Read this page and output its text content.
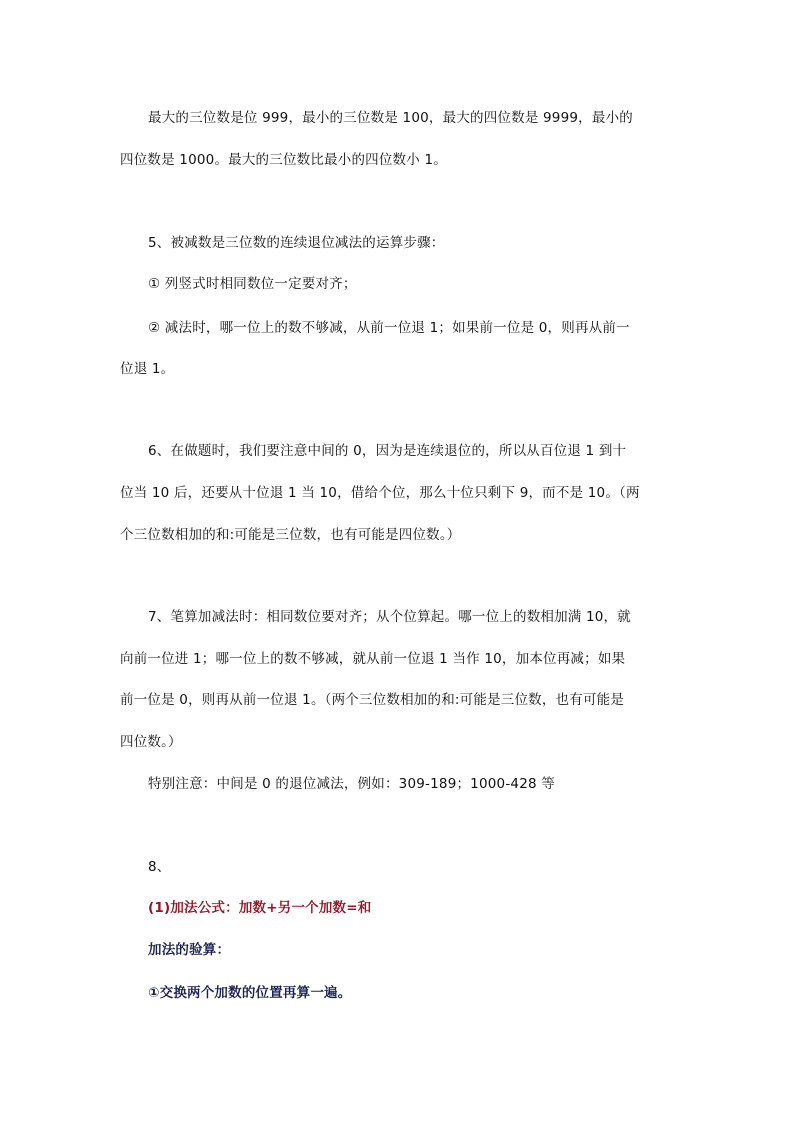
最大的三位数是位 999，最小的三位数是 100，最大的四位数是 9999，最小的
四位数是 1000。最大的三位数比最小的四位数小 1。
5、被减数是三位数的连续退位减法的运算步骤：
① 列竖式时相同数位一定要对齐；
② 减法时，哪一位上的数不够减，从前一位退 1；如果前一位是 0，则再从前一
位退 1。
6、在做题时，我们要注意中间的 0，因为是连续退位的，所以从百位退 1 到十
位当 10 后，还要从十位退 1 当 10，借给个位，那么十位只剩下 9，而不是 10。（两
个三位数相加的和:可能是三位数，也有可能是四位数。）
7、笔算加减法时：相同数位要对齐；从个位算起。哪一位上的数相加满 10，就
向前一位进 1；哪一位上的数不够减，就从前一位退 1 当作 10，加本位再减；如果
前一位是 0，则再从前一位退 1。（两个三位数相加的和:可能是三位数，也有可能是
四位数。）
特别注意：中间是 0 的退位减法，例如：309-189；1000-428 等
8、
(1)加法公式：加数+另一个加数=和
加法的验算：
①交换两个加数的位置再算一遍。
